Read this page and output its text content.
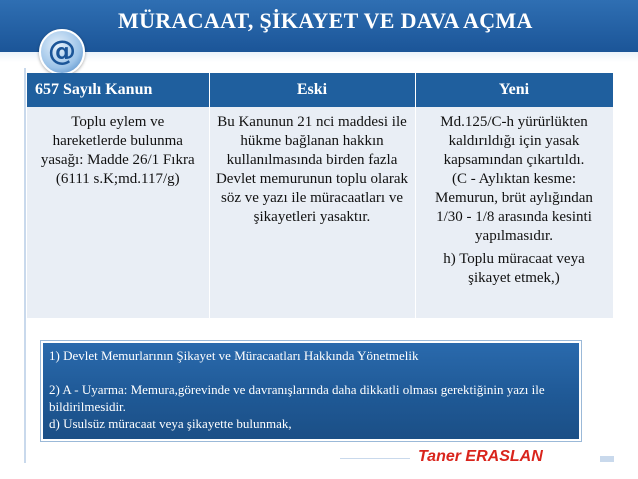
MÜRACAAT, ŞİKAYET VE DAVA AÇMA
@
657 Sayılı Kanun	Eski	Yeni

Toplu eylem ve hareketlerde bulunma yasağı: Madde 26/1 Fıkra (6111 s.K;md.117/g)	Bu Kanunun 21 nci maddesi ile hükme bağlanan hakkın kullanılmasında birden fazla Devlet memurunun toplu olarak söz ve yazı ile müracaatları ve şikayetleri yasaktır.	Md.125/C-h yürürlükten kaldırıldığı için yasak kapsamından çıkartıldı.

(C - Aylıktan kesme: Memurun, brüt aylığından 1/30 - 1/8 arasında kesinti yapılmasıdır.

h) Toplu müracaat veya şikayet etmek,)

1) Devlet Memurlarının Şikayet ve Müracaatları Hakkında Yönetmelik

2) A - Uyarma: Memura,görevinde ve davranışlarında daha dikkatli olması gerektiğinin yazı ile bildirilmesidir.

d) Usulsüz müracaat veya şikayette bulunmak,

Taner ERASLAN
